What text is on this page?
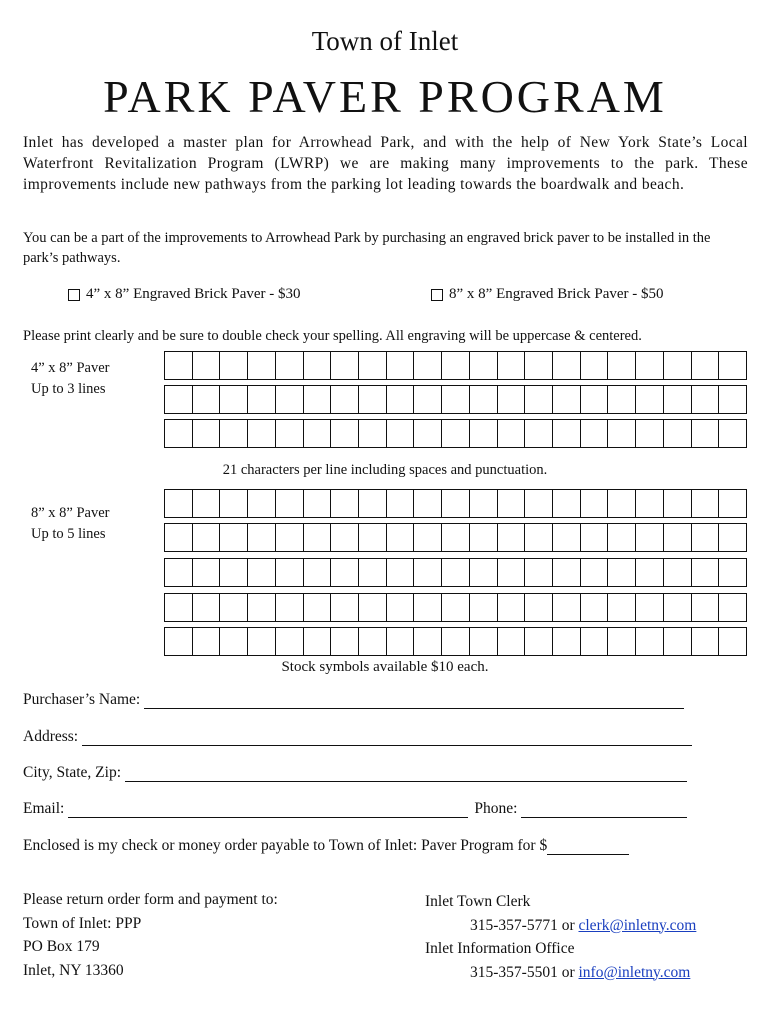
Town of Inlet
PARK PAVER PROGRAM
Inlet has developed a master plan for Arrowhead Park, and with the help of New York State’s Local Waterfront Revitalization Program (LWRP) we are making many improvements to the park. These improvements include new pathways from the parking lot leading towards the boardwalk and beach.
You can be a part of the improvements to Arrowhead Park by purchasing an engraved brick paver to be installed in the park’s pathways.
4” x 8” Engraved Brick Paver - $30	8” x 8” Engraved Brick Paver - $50
Please print clearly and be sure to double check your spelling. All engraving will be uppercase & centered.
4” x 8” Paver
Up to 3 lines
21 characters per line including spaces and punctuation.
8” x 8” Paver
Up to 5 lines
Stock symbols available $10 each.
Purchaser’s Name:
Address:
City, State, Zip:
Email:	Phone:
Enclosed is my check or money order payable to Town of Inlet: Paver Program for $
Please return order form and payment to:
Town of Inlet: PPP
PO Box 179
Inlet, NY 13360
Inlet Town Clerk
315-357-5771 or clerk@inletny.com
Inlet Information Office
315-357-5501 or info@inletny.com
